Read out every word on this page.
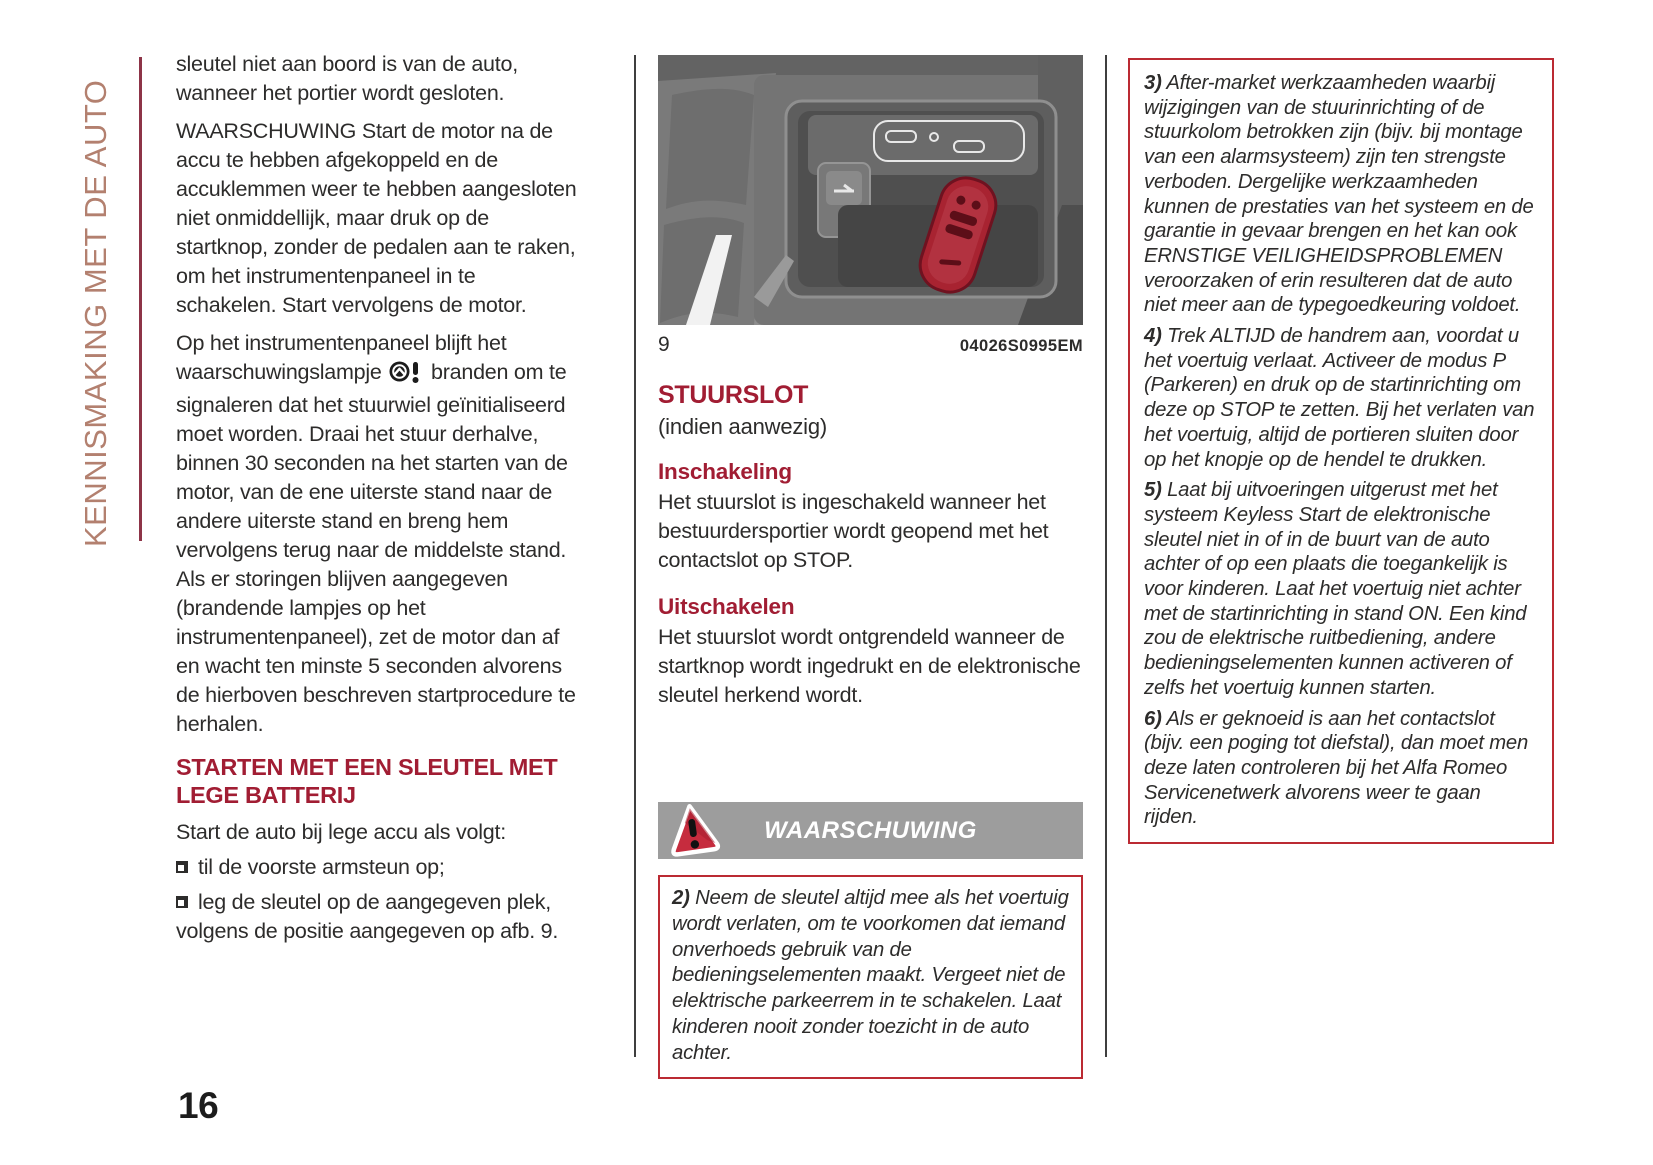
KENNISMAKING MET DE AUTO

sleutel niet aan boord is van de auto, wanneer het portier wordt gesloten.

WAARSCHUWING Start de motor na de accu te hebben afgekoppeld en de accuklemmen weer te hebben aangesloten niet onmiddellijk, maar druk op de startknop, zonder de pedalen aan te raken, om het instrumentenpaneel in te schakelen. Start vervolgens de motor.

Op het instrumentenpaneel blijft het waarschuwingslampje branden om te signaleren dat het stuurwiel geïnitialiseerd moet worden. Draai het stuur derhalve, binnen 30 seconden na het starten van de motor, van de ene uiterste stand naar de andere uiterste stand en breng hem vervolgens terug naar de middelste stand. Als er storingen blijven aangegeven (brandende lampjes op het instrumentenpaneel), zet de motor dan af en wacht ten minste 5 seconden alvorens de hierboven beschreven startprocedure te herhalen.

STARTEN MET EEN SLEUTEL MET LEGE BATTERIJ

Start de auto bij lege accu als volgt:

til de voorste armsteun op;
leg de sleutel op de aangegeven plek, volgens de positie aangegeven op afb. 9.
9	04026S0995EM
STUURSLOT
(indien aanwezig)
Inschakeling

Het stuurslot is ingeschakeld wanneer het bestuurdersportier wordt geopend met het contactslot op STOP.

Uitschakelen

Het stuurslot wordt ontgrendeld wanneer de startknop wordt ingedrukt en de elektronische sleutel herkend wordt.

WAARSCHUWING
2) Neem de sleutel altijd mee als het voertuig wordt verlaten, om te voorkomen dat iemand onverhoeds gebruik van de bedieningselementen maakt. Vergeet niet de elektrische parkeerrem in te schakelen. Laat kinderen nooit zonder toezicht in de auto achter.

3) After-market werkzaamheden waarbij wijzigingen van de stuurinrichting of de stuurkolom betrokken zijn (bijv. bij montage van een alarmsysteem) zijn ten strengste verboden. Dergelijke werkzaamheden kunnen de prestaties van het systeem en de garantie in gevaar brengen en het kan ook ERNSTIGE VEILIGHEIDSPROBLEMEN veroorzaken of erin resulteren dat de auto niet meer aan de typegoedkeuring voldoet.

4) Trek ALTIJD de handrem aan, voordat u het voertuig verlaat. Activeer de modus P (Parkeren) en druk op de startinrichting om deze op STOP te zetten. Bij het verlaten van het voertuig, altijd de portieren sluiten door op het knopje op de hendel te drukken.

5) Laat bij uitvoeringen uitgerust met het systeem Keyless Start de elektronische sleutel niet in of in de buurt van de auto achter of op een plaats die toegankelijk is voor kinderen. Laat het voertuig niet achter met de startinrichting in stand ON. Een kind zou de elektrische ruitbediening, andere bedieningselementen kunnen activeren of zelfs het voertuig kunnen starten.

6) Als er geknoeid is aan het contactslot (bijv. een poging tot diefstal), dan moet men deze laten controleren bij het Alfa Romeo Servicenetwerk alvorens weer te gaan rijden.

16
